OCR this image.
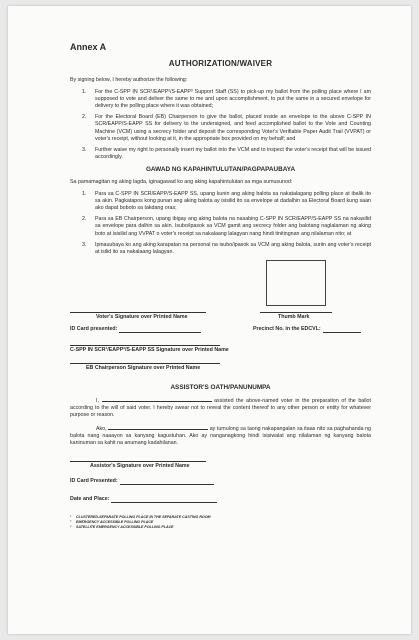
Annex A
AUTHORIZATION/WAIVER
By signing below, I hereby authorize the following:
1.	For the C-SPP IN SCR¹/EAPP²/S-EAPP³ Support Staff (SS) to pick-up my ballot from the polling place where I am supposed to vote and deliver the same to me and upon accomplishment, to put the same in a secured envelope for delivery to the polling place where it was obtained;
2.	For the Electoral Board (EB) Chairperson to give the ballot, placed inside an envelope to the above C-SPP IN SCR/EAPP/S-EAPP SS for delivery to the undersigned, and feed accomplished ballot to the Vote and Counting Machine (VCM) using a secrecy folder and deposit the corresponding Voter's Verifiable Paper Audit Trail (VVPAT) or voter's receipt, without looking at it, in the appropriate box provided on my behalf; and
3.	Further waive my right to personally insert my ballot into the VCM and to inspect the voter's receipt that will be issued accordingly.
GAWAD NG KAPAHINTULUTAN/PAGPAPAUBAYA
Sa pamamagitan ng aking lagda, iginagawad ko ang aking kapahintulutan sa mga sumusunod:
1.	Para sa C-SPP IN SCR/EAPP/S-EAPP SS, upang kunin ang aking balota sa nakatalagang polling place at ibalik ito sa akin. Pagkatapos kong punan ang aking balota ay isisilid ito sa envelope at dadalhin sa Electoral Board kung saan ako dapat boboto sa takdang oras;
2.	Para sa EB Chairperson, upang ibigay ang aking balota na nasabing C-SPP IN SCR/EAPP/S-EAPP SS na nakasilid sa envelope para dalhin sa akin. Isubo/ipasok sa VCM gamit ang secrecy folder ang balotang naglalaman ng aking boto at isisilid ang VVPAT o voter's receipt sa nakalaang lalagyan nang hindi tinitingnan ang nilalaman nito; at
3.	Ipinauubaya ko ang aking karapatan na personal na isubo/ipasok sa VCM ang aking balota, suriin ang voter's receipt at isilid ito sa nakalaang lalagyan.
Voter's Signature over Printed Name	Thumb Mark
ID Card presented:	Precinct No. in the EDCVL:
C-SPP IN SCR¹/EAPP²/S-EAPP SS Signature over Printed Name
EB Chairperson Signature over Printed Name
ASSISTOR'S OATH/PANUNUMPA

I,	assisted the above-named voter in the preparation of the ballot according to the will of said voter. I hereby swear not to reveal the content thereof to any other person or entity for whatever purpose or reason.

Ako,	ay tumulong sa taong nakapangalan sa itaas nito sa paghahanda ng balota nang naaayon sa kanyang kagustuhan. Ako ay nanganagkong hindi isisiwalat ang nilalaman ng kanyang balota kaninuman sa kahit na anumang kadahilanan.

Assistor's Signature over Printed Name
ID Card Presented:
Date and Place:
¹	CLUSTERED-SEPARATE POLLING PLACE IN THE SEPARATE CASTING ROOM
²	EMERGENCY ACCESSIBLE POLLING PLACE
³	SATELLITE EMERGENCY ACCESSIBLE POLLING PLACE
